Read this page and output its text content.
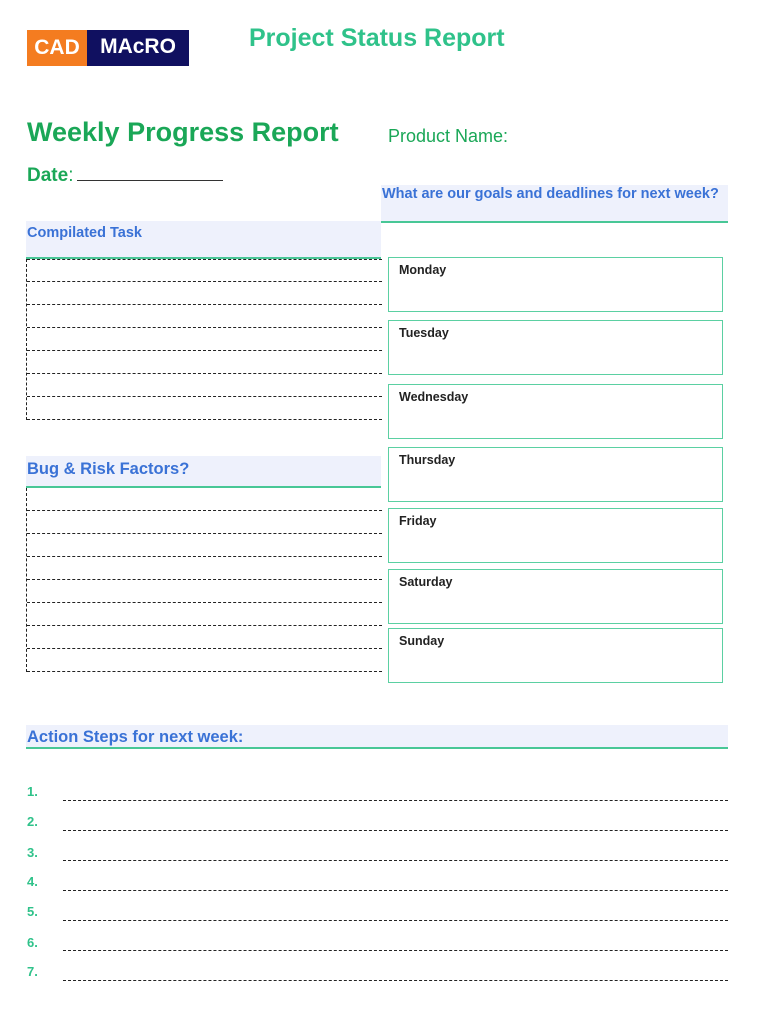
CAD MAcRO	Project Status Report
Weekly Progress Report	Product Name:
Date :
What are our goals and deadlines for next week?
Compilated Task
Bug & Risk Factors?
Monday
Tuesday
Wednesday
Thursday
Friday
Saturday
Sunday
Action Steps for next week:
1.
2.
3.
4.
5.
6.
7.
